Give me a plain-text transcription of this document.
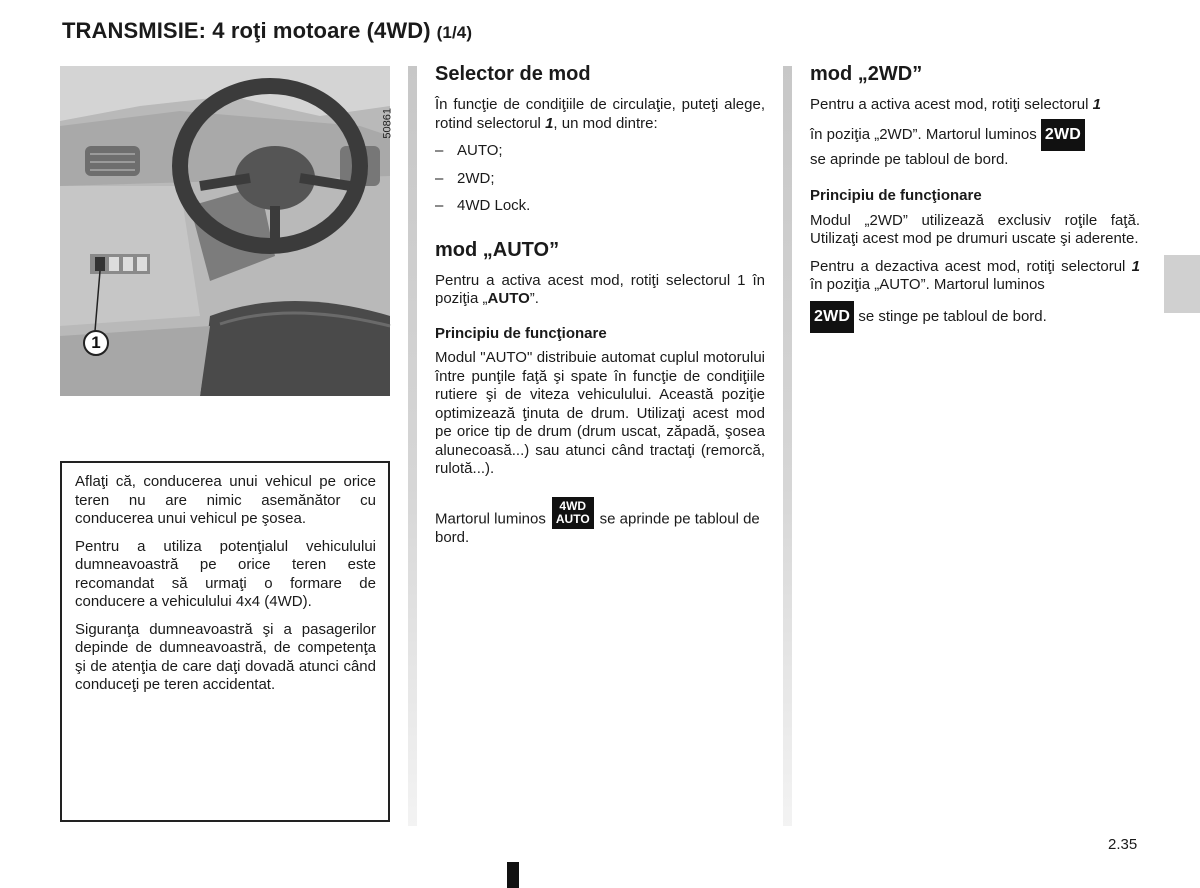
TRANSMISIE: 4 roţi motoare (4WD) (1/4)
50861
1

Aflaţi că, conducerea unui vehicul pe orice teren nu are nimic asemănător cu conducerea unui vehicul pe şosea.

Pentru a utiliza potenţialul vehiculului dumneavoastră pe orice teren este recomandat să urmaţi o formare de conducere a vehiculului 4x4 (4WD).

Siguranţa dumneavoastră şi a pasagerilor depinde de dumneavoastră, de competenţa şi de atenţia de care daţi dovadă atunci când conduceţi pe teren accidentat.

Selector de mod

În funcţie de condiţiile de circulaţie, puteţi alege, rotind selectorul 1, un mod dintre:

– AUTO;
– 2WD;
– 4WD Lock.
mod „AUTO”

Pentru a activa acest mod, rotiţi selectorul 1 în poziţia „AUTO”.

Principiu de funcţionare

Modul "AUTO" distribuie automat cuplul motorului între punţile faţă şi spate în funcţie de condiţiile rutiere şi de viteza vehiculului. Această poziţie optimizează ţinuta de drum. Utilizaţi acest mod pe orice tip de drum (drum uscat, zăpadă, şosea alunecoasă...) sau atunci când tractaţi (remorcă, rulotă...).

Martorul luminos
4WD
AUTO se aprinde pe tabloul de bord.

mod „2WD”

Pentru a activa acest mod, rotiţi selectorul 1

în poziţia „2WD”. Martorul luminos 2WD
se aprinde pe tabloul de bord.

Principiu de funcţionare

Modul „2WD” utilizează exclusiv roţile faţă. Utilizaţi acest mod pe drumuri uscate şi aderente.

Pentru a dezactiva acest mod, rotiţi selectorul 1 în poziţia „AUTO”. Martorul luminos

2WD se stinge pe tabloul de bord.

2.35
